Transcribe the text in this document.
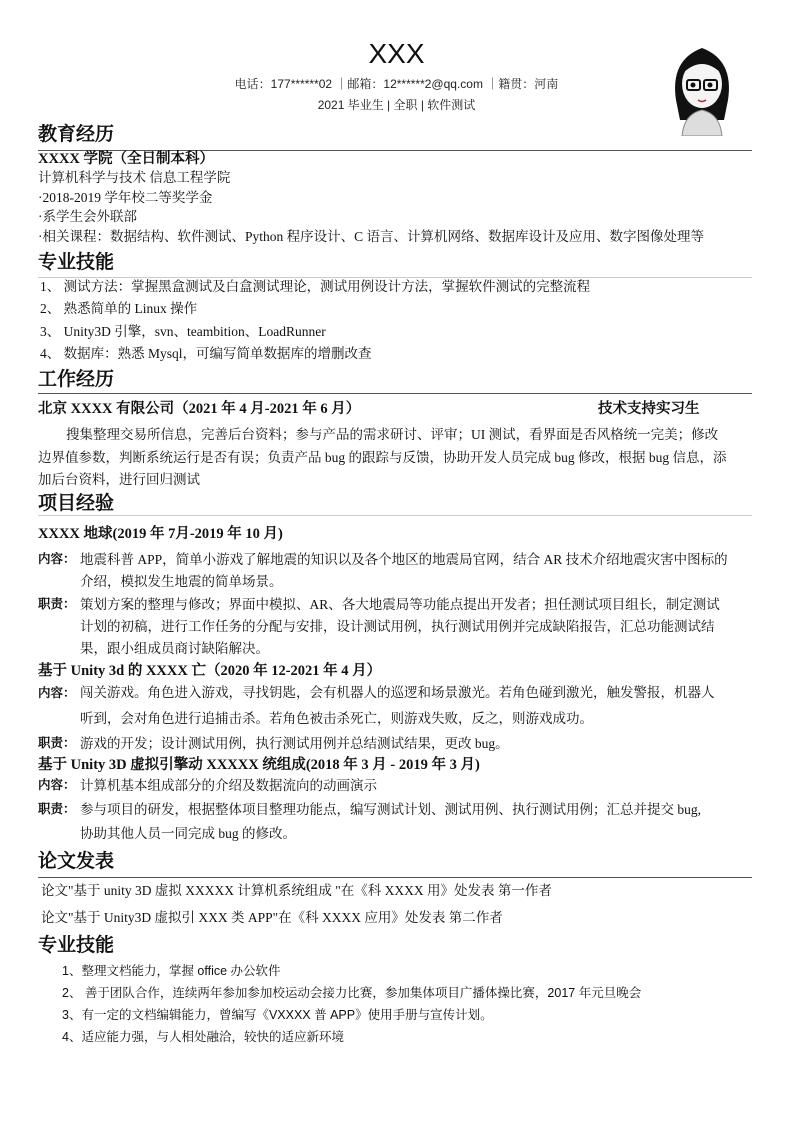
XXX
电话：177******02 ｜邮箱：12******2@qq.com ｜籍贯：河南
2021 毕业生 | 全职 | 软件测试
教育经历
XXXX 学院（全日制本科）
计算机科学与技术 信息工程学院
·2018-2019 学年校二等奖学金
·系学生会外联部
·相关课程：数据结构、软件测试、Python 程序设计、C 语言、计算机网络、数据库设计及应用、数字图像处理等
专业技能
1、 测试方法：掌握黑盒测试及白盒测试理论，测试用例设计方法，掌握软件测试的完整流程
2、 熟悉简单的 Linux 操作
3、 Unity3D 引擎，svn、teambition、LoadRunner
4、 数据库：熟悉 Mysql，可编写简单数据库的增删改查
工作经历
北京 XXXX 有限公司（2021 年 4 月-2021 年 6 月）	技术支持实习生
搜集整理交易所信息，完善后台资料；参与产品的需求研讨、评审；UI 测试，看界面是否风格统一完美；修改
边界值参数，判断系统运行是否有误；负责产品 bug 的跟踪与反馈，协助开发人员完成 bug 修改，根据 bug 信息，添
加后台资料，进行回归测试
项目经验
XXXX 地球(2019 年 7月-2019 年 10 月)
内容： 地震科普 APP，简单小游戏了解地震的知识以及各个地区的地震局官网，结合 AR 技术介绍地震灾害中图标的
介绍，模拟发生地震的简单场景。
职责： 策划方案的整理与修改；界面中模拟、AR、各大地震局等功能点提出开发者；担任测试项目组长，制定测试
计划的初稿，进行工作任务的分配与安排，设计测试用例，执行测试用例并完成缺陷报告，汇总功能测试结
果，跟小组成员商讨缺陷解决。
基于 Unity 3d 的 XXXX 亡（2020 年 12-2021 年 4 月）
内容： 闯关游戏。角色进入游戏，寻找钥匙，会有机器人的巡逻和场景激光。若角色碰到激光，触发警报，机器人
听到，会对角色进行追捕击杀。若角色被击杀死亡，则游戏失败，反之，则游戏成功。
职责： 游戏的开发；设计测试用例，执行测试用例并总结测试结果，更改 bug。
基于 Unity 3D 虚拟引擎动 XXXXX 统组成(2018 年 3 月 - 2019 年 3 月)
内容： 计算机基本组成部分的介绍及数据流向的动画演示
职责： 参与项目的研发，根据整体项目整理功能点，编写测试计划、测试用例、执行测试用例；汇总并提交 bug,
协助其他人员一同完成 bug 的修改。
论文发表
论文"基于 unity 3D 虚拟 XXXXX 计算机系统组成 "在《科 XXXX 用》处发表 第一作者
论文"基于 Unity3D 虚拟引 XXX 类 APP"在《科 XXXX 应用》处发表 第二作者
专业技能
1、整理文档能力，掌握 office 办公软件
2、 善于团队合作，连续两年参加参加校运动会接力比赛，参加集体项目广播体操比赛，2017 年元旦晚会
3、有一定的文档编辑能力，曾编写《VXXXX 普 APP》使用手册与宣传计划。
4、适应能力强，与人相处融洽，较快的适应新环境
